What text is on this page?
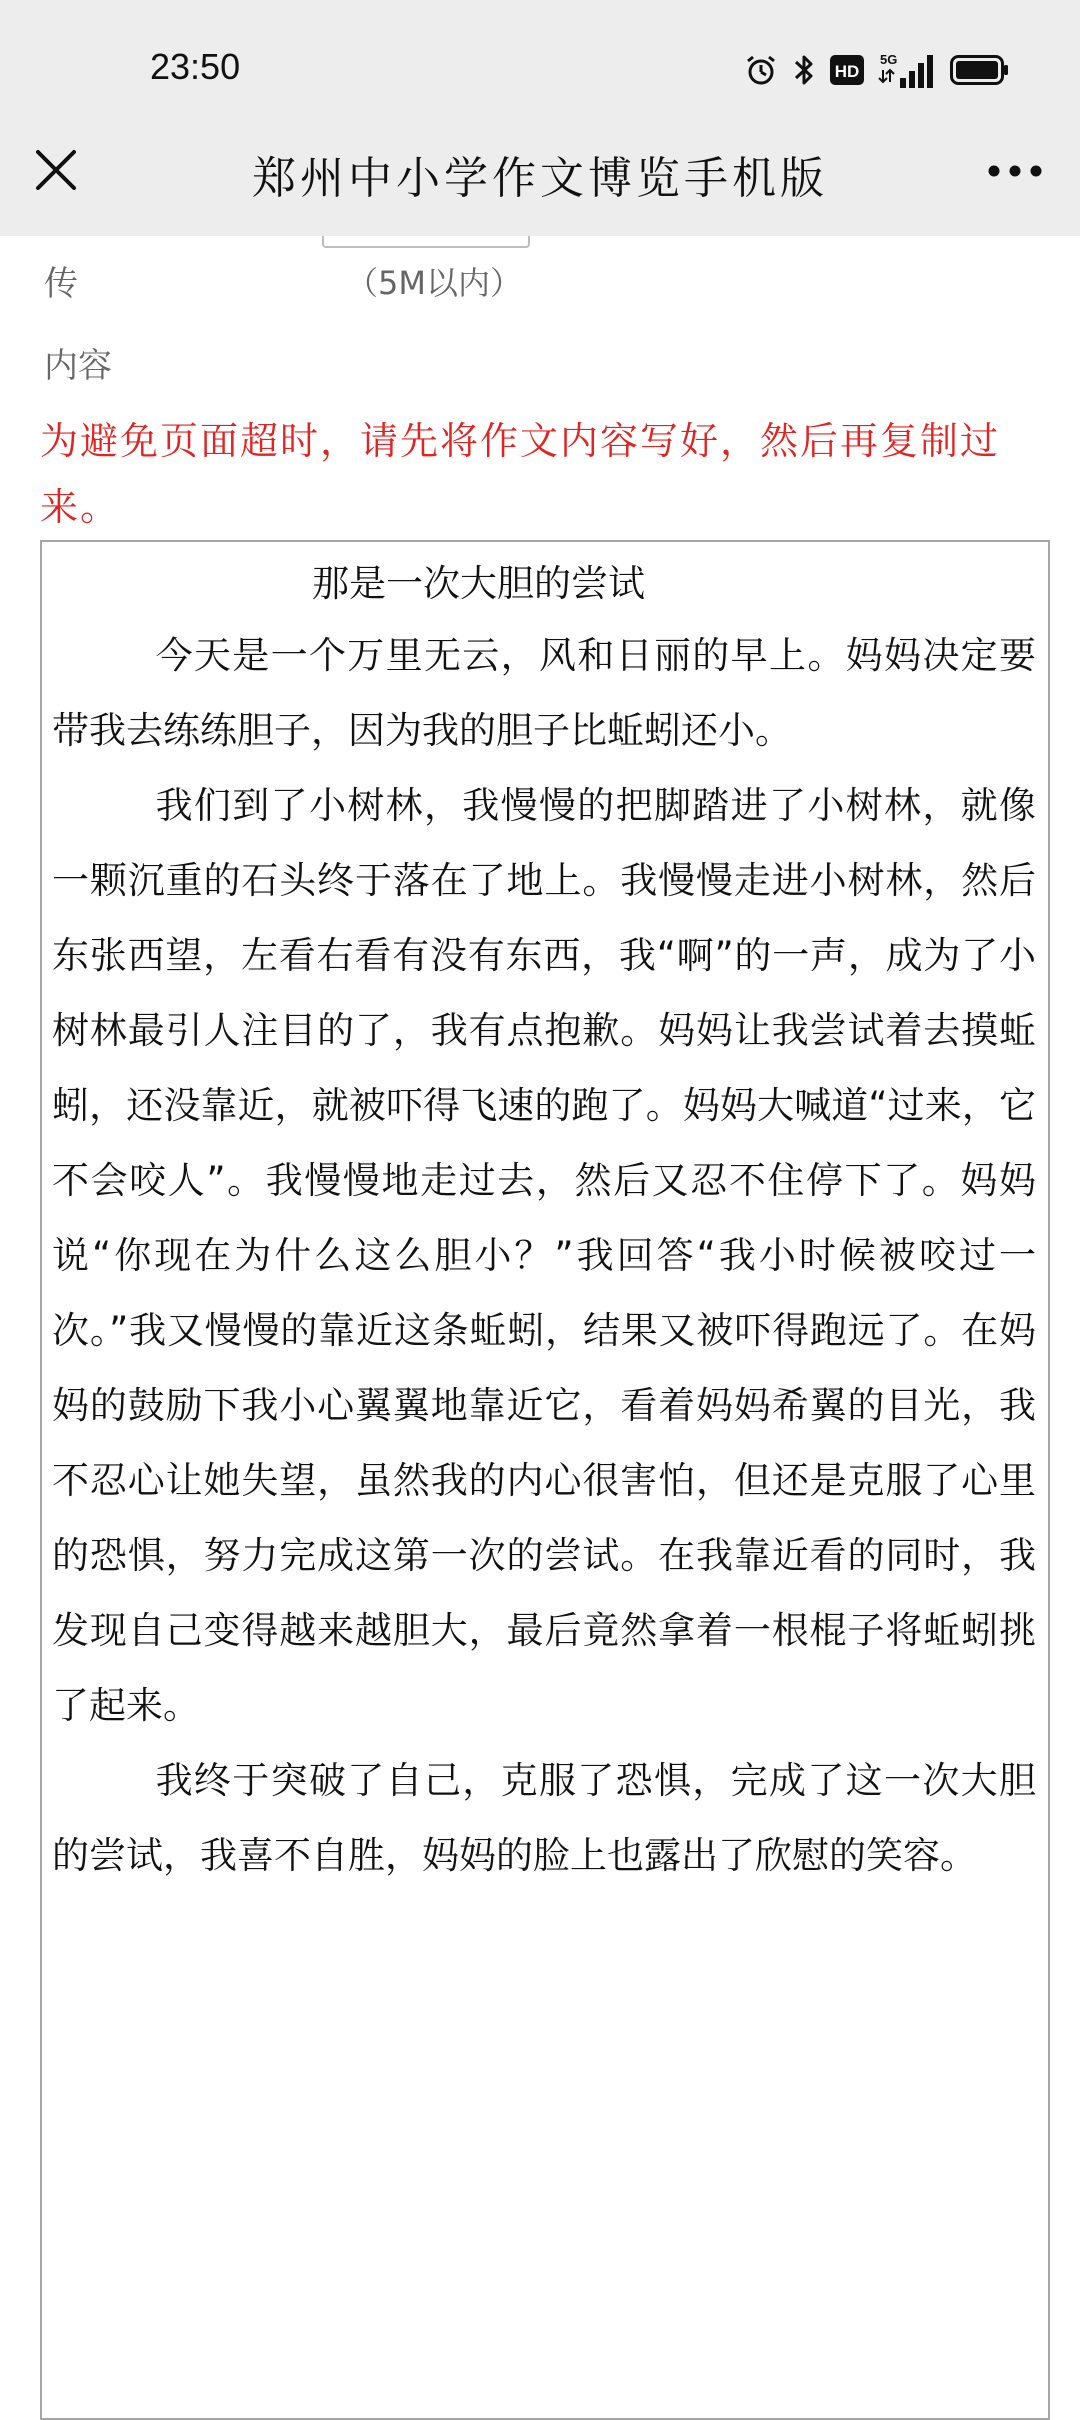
23:50	HD
5G
郑州中小学作文博览手机版
传	（5M以内）
内容
为避免页面超时，请先将作文内容写好，然后再复制过来。

那是一次大胆的尝试

今天是一个万里无云，风和日丽的早上。妈妈决定要带我去练练胆子，因为我的胆子比蚯蚓还小。

我们到了小树林，我慢慢的把脚踏进了小树林，就像一颗沉重的石头终于落在了地上。我慢慢走进小树林，然后东张西望，左看右看有没有东西，我“啊”的一声，成为了小树林最引人注目的了，我有点抱歉。妈妈让我尝试着去摸蚯蚓，还没靠近，就被吓得飞速的跑了。妈妈大喊道“过来，它不会咬人”。我慢慢地走过去，然后又忍不住停下了。妈妈说“你现在为什么这么胆小？”我回答“我小时候被咬过一次。”我又慢慢的靠近这条蚯蚓，结果又被吓得跑远了。在妈妈的鼓励下我小心翼翼地靠近它，看着妈妈希翼的目光，我不忍心让她失望，虽然我的内心很害怕，但还是克服了心里的恐惧，努力完成这第一次的尝试。在我靠近看的同时，我发现自己变得越来越胆大，最后竟然拿着一根棍子将蚯蚓挑了起来。

我终于突破了自己，克服了恐惧，完成了这一次大胆的尝试，我喜不自胜，妈妈的脸上也露出了欣慰的笑容。
